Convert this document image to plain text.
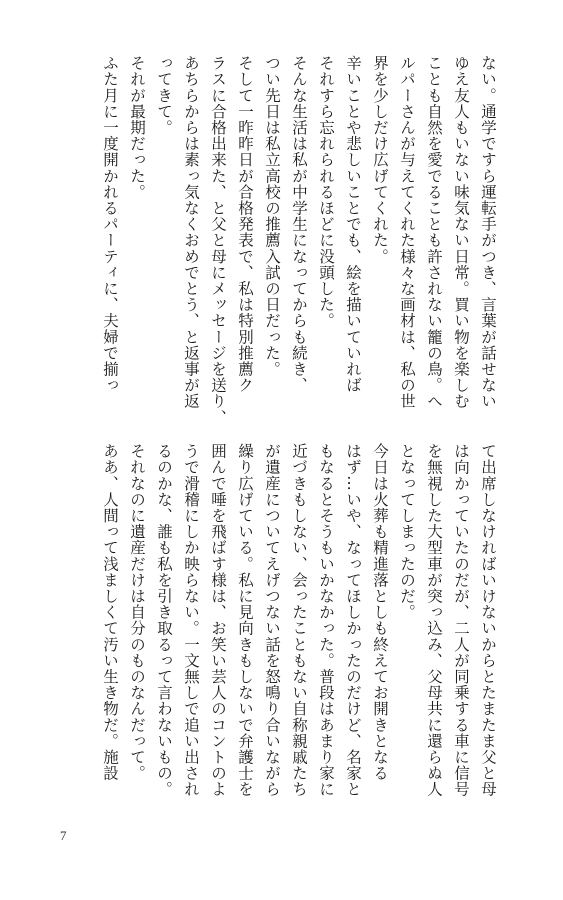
ない。通学ですら運転手がつき、言葉が話せない
ゆえ友人もいない味気ない日常。買い物を楽しむ
ことも自然を愛でることも許されない籠の鳥。へ
ルパーさんが与えてくれた様々な画材は、私の世
界を少しだけ広げてくれた。
辛いことや悲しいことでも、絵を描いていれば
それすら忘れられるほどに没頭した。
そんな生活は私が中学生になってからも続き、
つい先日は私立高校の推薦入試の日だった。
そして一昨昨日が合格発表で、私は特別推薦ク
ラスに合格出来た、と父と母にメッセージを送り、
あちらからは素っ気なくおめでとう、と返事が返
ってきて。
それが最期だった。
ふた月に一度開かれるパーティに、夫婦で揃っ
て出席しなければいけないからとたまたま父と母
は向かっていたのだが、二人が同乗する車に信号
を無視した大型車が突っ込み、父母共に還らぬ人
となってしまったのだ。
今日は火葬も精進落としも終えてお開きとなる
はず…いや、なってほしかったのだけど、名家と
もなるとそうもいかなかった。普段はあまり家に
近づきもしない、会ったこともない自称親戚たち
が遺産についてえげつない話を怒鳴り合いながら
繰り広げている。私に見向きもしないで弁護士を
囲んで唾を飛ばす様は、お笑い芸人のコントのよ
うで滑稽にしか映らない。一文無しで追い出され
るのかな、誰も私を引き取るって言わないもの。
それなのに遺産だけは自分のものなんだって。
ああ、人間って浅ましくて汚い生き物だ。施設
7
